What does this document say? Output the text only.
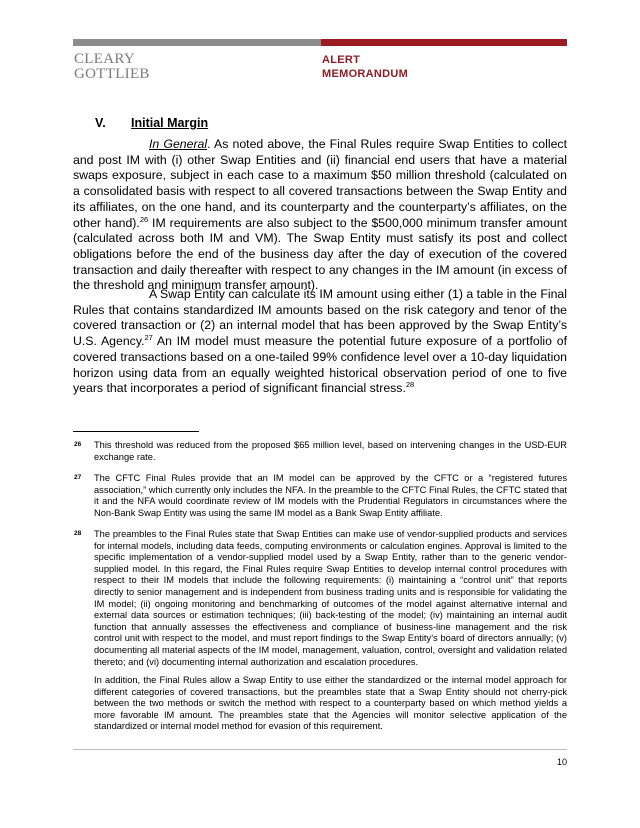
CLEARY
GOTTLIEB
ALERT
MEMORANDUM
V. Initial Margin
In General. As noted above, the Final Rules require Swap Entities to collect and post IM with (i) other Swap Entities and (ii) financial end users that have a material swaps exposure, subject in each case to a maximum $50 million threshold (calculated on a consolidated basis with respect to all covered transactions between the Swap Entity and its affiliates, on the one hand, and its counterparty and the counterparty’s affiliates, on the other hand).$^{26}$ IM requirements are also subject to the $500,000 minimum transfer amount (calculated across both IM and VM). The Swap Entity must satisfy its post and collect obligations before the end of the business day after the day of execution of the covered transaction and daily thereafter with respect to any changes in the IM amount (in excess of the threshold and minimum transfer amount).
A Swap Entity can calculate its IM amount using either (1) a table in the Final Rules that contains standardized IM amounts based on the risk category and tenor of the covered transaction or (2) an internal model that has been approved by the Swap Entity’s U.S. Agency.$^{27}$ An IM model must measure the potential future exposure of a portfolio of covered transactions based on a one-tailed 99% confidence level over a 10-day liquidation horizon using data from an equally weighted historical observation period of one to five years that incorporates a period of significant financial stress.$^{28}$
26 This threshold was reduced from the proposed $65 million level, based on intervening changes in the USD-EUR exchange rate.
27 The CFTC Final Rules provide that an IM model can be approved by the CFTC or a “registered futures association,” which currently only includes the NFA. In the preamble to the CFTC Final Rules, the CFTC stated that it and the NFA would coordinate review of IM models with the Prudential Regulators in circumstances where the Non-Bank Swap Entity was using the same IM model as a Bank Swap Entity affiliate.
28 The preambles to the Final Rules state that Swap Entities can make use of vendor-supplied products and services for internal models, including data feeds, computing environments or calculation engines. Approval is limited to the specific implementation of a vendor-supplied model used by a Swap Entity, rather than to the generic vendor-supplied model. In this regard, the Final Rules require Swap Entities to develop internal control procedures with respect to their IM models that include the following requirements: (i) maintaining a “control unit” that reports directly to senior management and is independent from business trading units and is responsible for validating the IM model; (ii) ongoing monitoring and benchmarking of outcomes of the model against alternative internal and external data sources or estimation techniques; (iii) back-testing of the model; (iv) maintaining an internal audit function that annually assesses the effectiveness and compliance of business-line management and the risk control unit with respect to the model, and must report findings to the Swap Entity’s board of directors annually; (v) documenting all material aspects of the IM model, management, valuation, control, oversight and validation related thereto; and (vi) documenting internal authorization and escalation procedures.
In addition, the Final Rules allow a Swap Entity to use either the standardized or the internal model approach for different categories of covered transactions, but the preambles state that a Swap Entity should not cherry-pick between the two methods or switch the method with respect to a counterparty based on which method yields a more favorable IM amount. The preambles state that the Agencies will monitor selective application of the standardized or internal model method for evasion of this requirement.
10
